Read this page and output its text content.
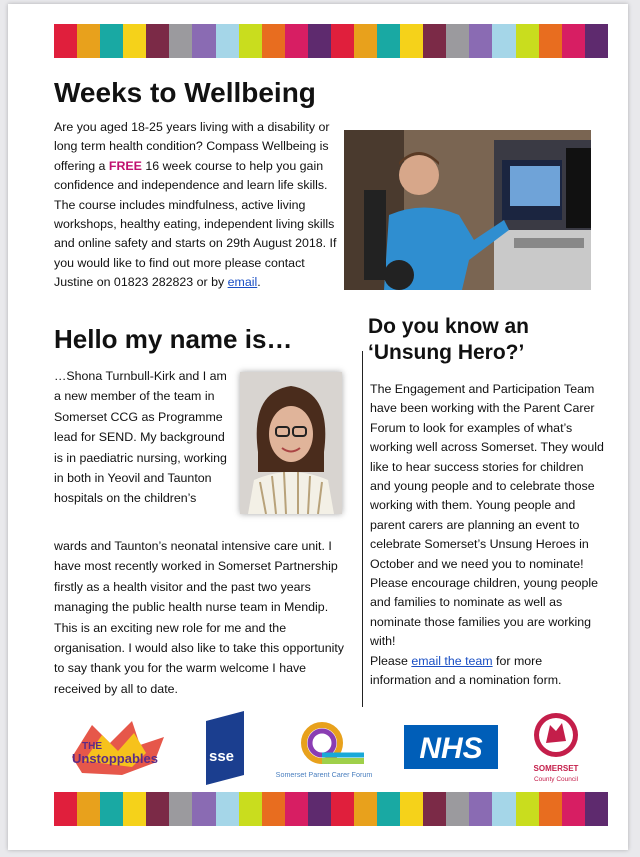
Weeks to Wellbeing
Are you aged 18-25 years living with a disability or long term health condition? Compass Wellbeing is offering a FREE 16 week course to help you gain confidence and independence and learn life skills. The course includes mindfulness, active living workshops, healthy eating, independent living skills and online safety and starts on 29th August 2018. If you would like to find out more please contact Justine on 01823 282823 or by email.
Hello my name is…
…Shona Turnbull-Kirk and I am a new member of the team in Somerset CCG as Programme lead for SEND. My background is in paediatric nursing, working in both in Yeovil and Taunton hospitals on the children’s
wards and Taunton’s neonatal intensive care unit. I have most recently worked in Somerset Partnership firstly as a health visitor and the past two years managing the public health nurse team in Mendip. This is an exciting new role for me and the organisation. I would also like to take this opportunity to say thank you for the warm welcome I have received by all to date.
Do you know an
‘Unsung Hero?’

The Engagement and Participation Team have been working with the Parent Carer Forum to look for examples of what’s working well across Somerset. They would like to hear success stories for children and young people and to celebrate those working with them. Young people and parent carers are planning an event to celebrate Somerset’s Unsung Heroes in October and we need you to nominate!

Please encourage children, young people and families to nominate as well as nominate those families you are working with!

Please email the team for more information and a nomination form.

THE
Unstoppables	sse
Somerset Parent Carer Forum
NHS
SOMERSET
County Council
